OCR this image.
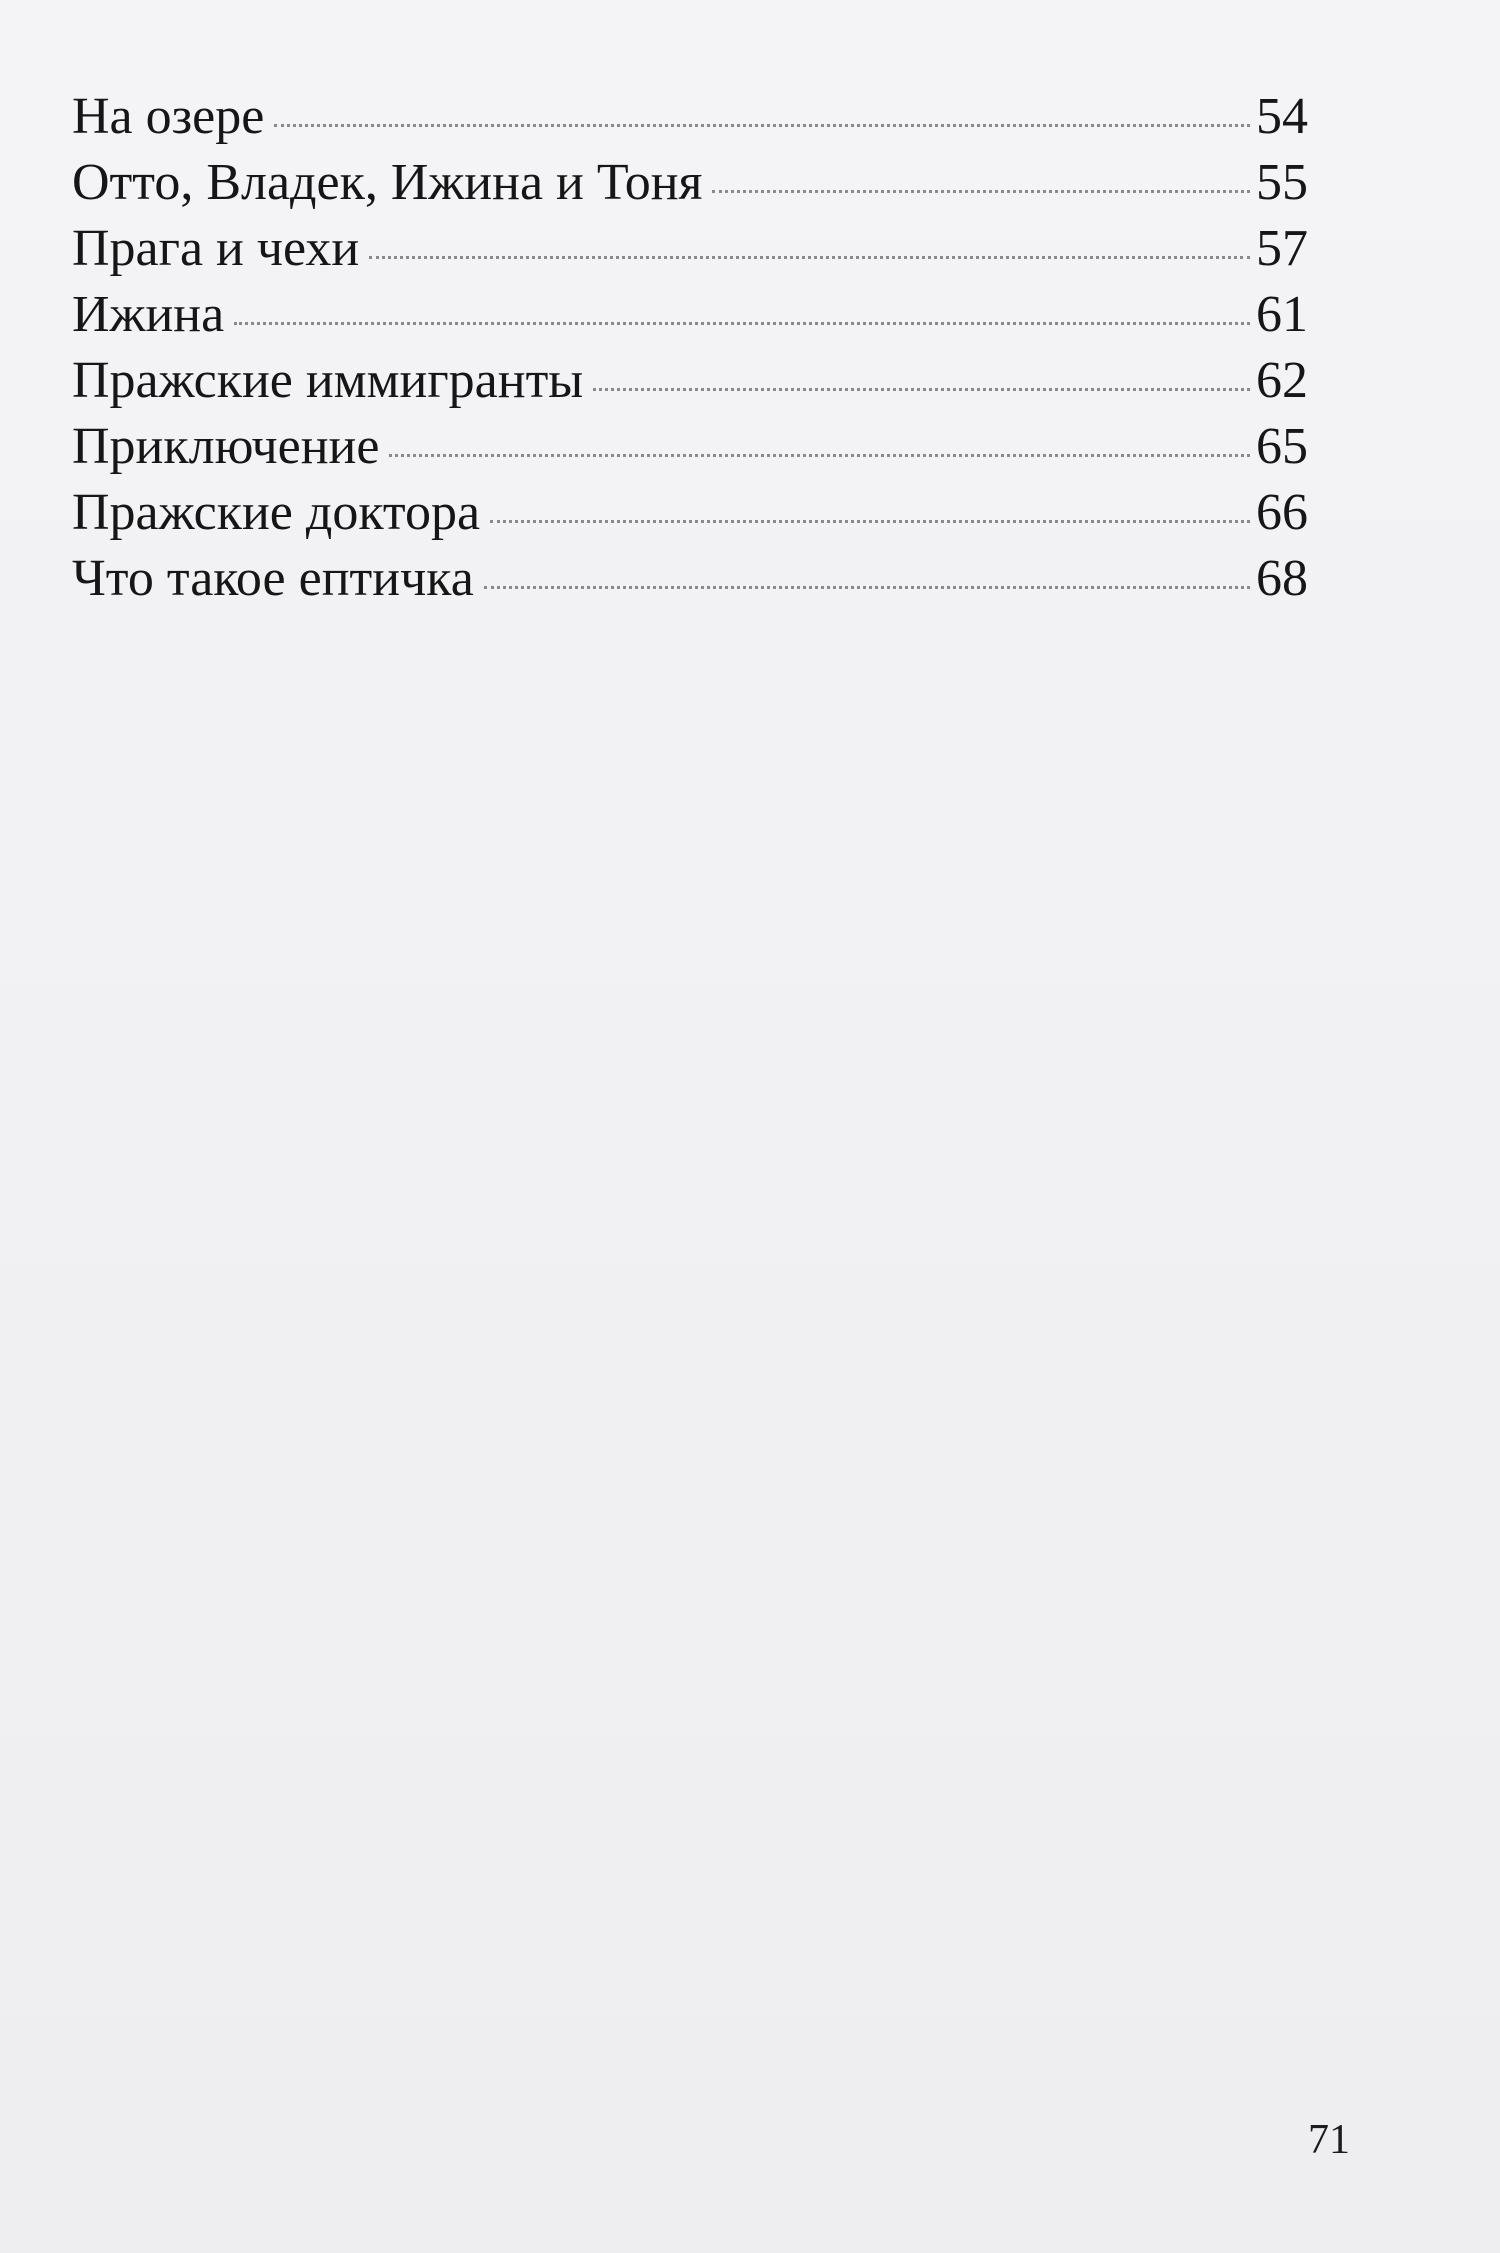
На озере	54
Отто, Владек, Ижина и Тоня	55
Прага и чехи	57
Ижина	61
Пражские иммигранты	62
Приключение	65
Пражские доктора	66
Что такое ептичка	68
71
